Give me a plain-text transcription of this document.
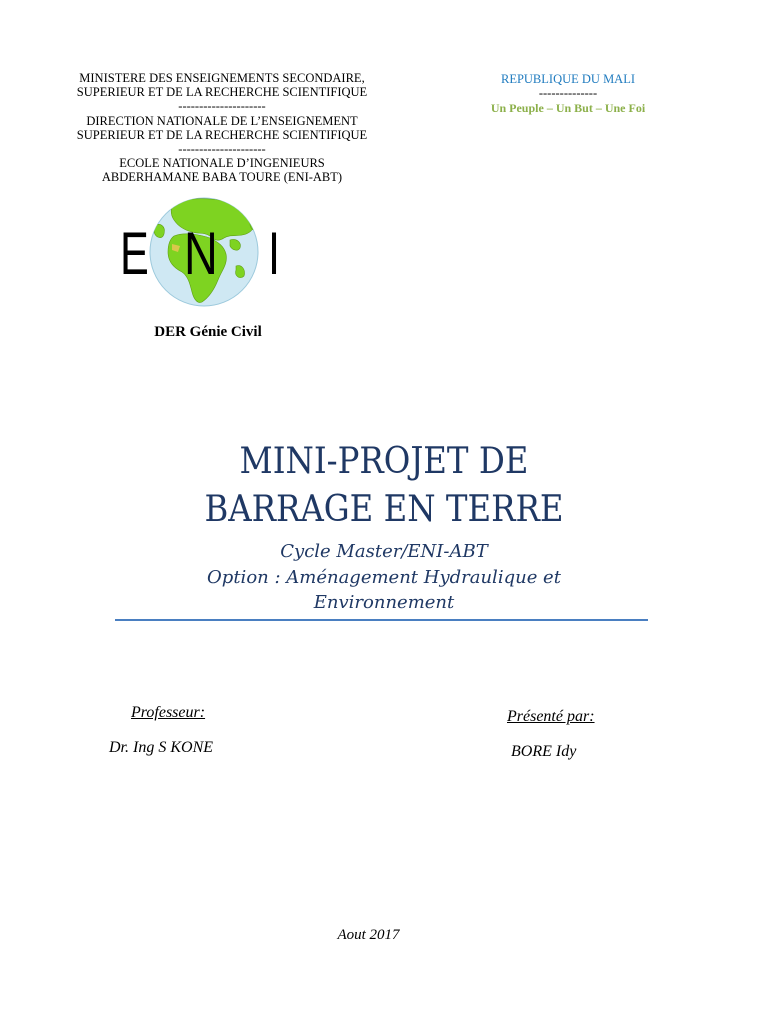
MINISTERE DES ENSEIGNEMENTS SECONDAIRE,
SUPERIEUR ET DE LA RECHERCHE SCIENTIFIQUE
---------------------
DIRECTION NATIONALE DE L’ENSEIGNEMENT
SUPERIEUR ET DE LA RECHERCHE SCIENTIFIQUE
---------------------
ECOLE NATIONALE D’INGENIEURS
ABDERHAMANE BABA TOURE (ENI-ABT)
REPUBLIQUE DU MALI
--------------
Un Peuple – Un But – Une Foi
E N I
DER Génie Civil
MINI-PROJET DE
BARRAGE EN TERRE
Cycle Master/ENI-ABT
Option : Aménagement Hydraulique et
Environnement
Professeur:
Dr. Ing S KONE
Présenté par:
BORE Idy
Aout 2017
